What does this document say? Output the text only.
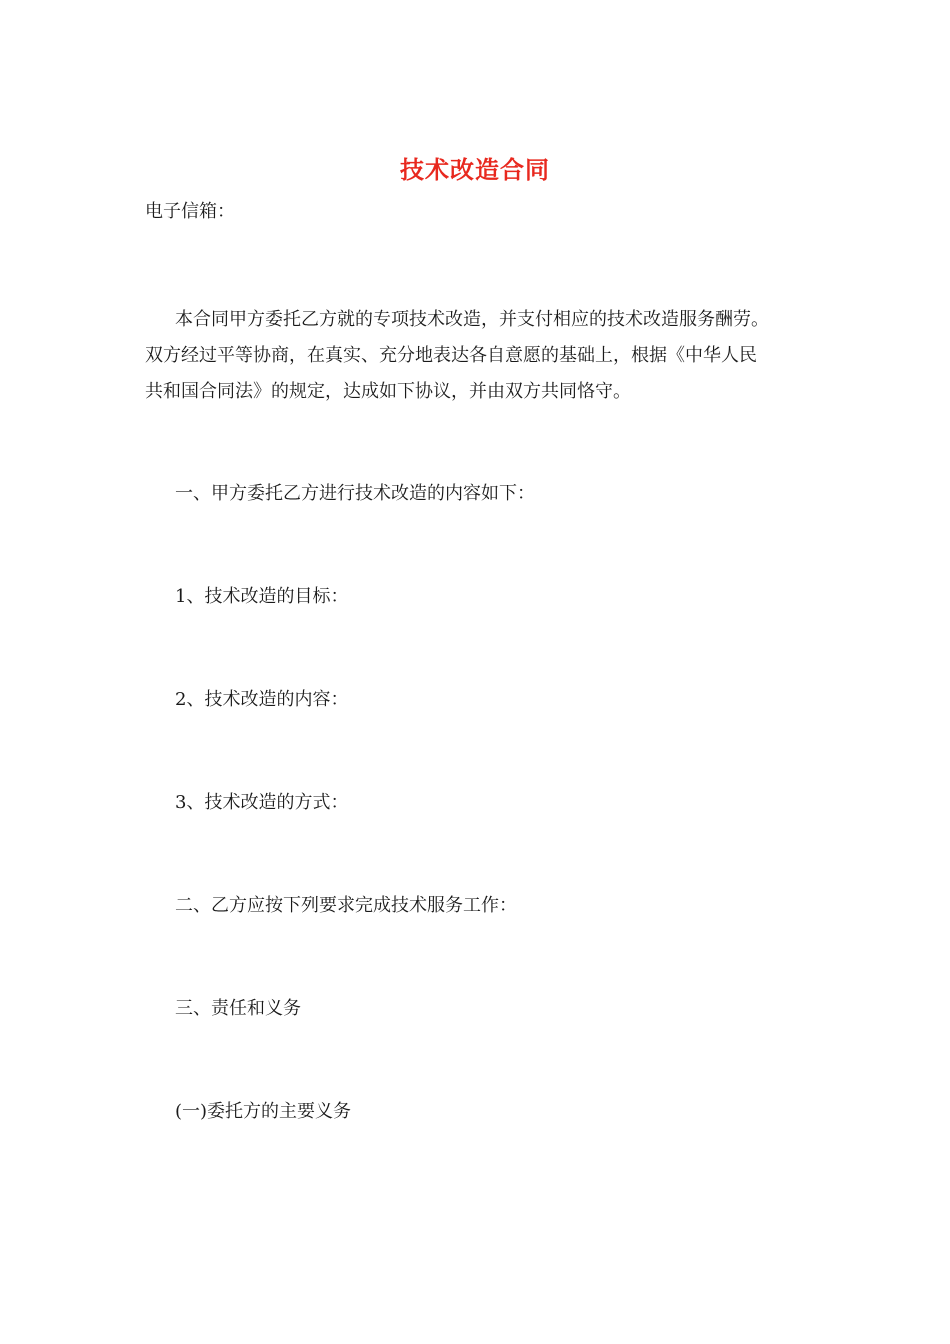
技术改造合同
电子信箱：
本合同甲方委托乙方就的专项技术改造，并支付相应的技术改造服务酬劳。
双方经过平等协商，在真实、充分地表达各自意愿的基础上，根据《中华人民
共和国合同法》的规定，达成如下协议，并由双方共同恪守。
一、甲方委托乙方进行技术改造的内容如下：
1、技术改造的目标：
2、技术改造的内容：
3、技术改造的方式：
二、乙方应按下列要求完成技术服务工作：
三、责任和义务
(一)委托方的主要义务
